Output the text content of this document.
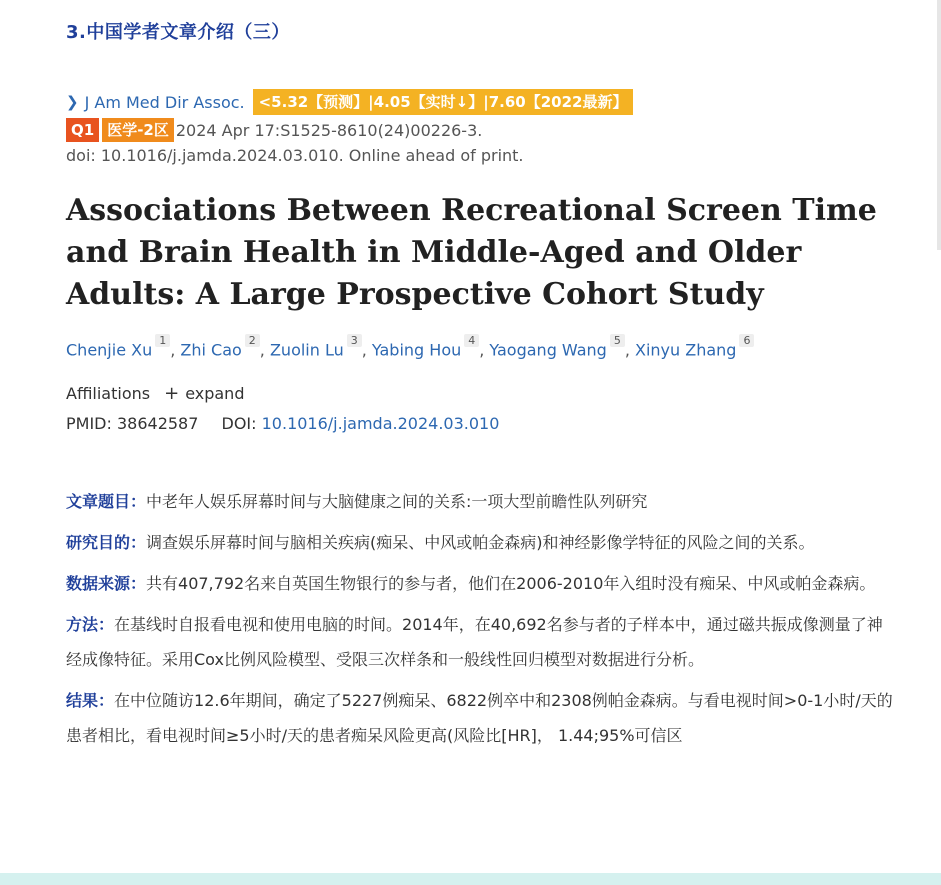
3.中国学者文章介绍（三）
❯ J Am Med Dir Assoc. <5.32【预测】|4.05【实时↓】|7.60【2022最新】
Q1 医学-2区 2024 Apr 17:S1525-8610(24)00226-3.
doi: 10.1016/j.jamda.2024.03.010. Online ahead of print.
Associations Between Recreational Screen Time and Brain Health in Middle-Aged and Older Adults: A Large Prospective Cohort Study
Chenjie Xu $^1$ , Zhi Cao $^2$ , Zuolin Lu $^3$ , Yabing Hou $^4$ , Yaogang Wang $^5$ , Xinyu Zhang $^6$
Affiliations + expand
PMID: 38642587 DOI: 10.1016/j.jamda.2024.03.010

文章题目：中老年人娱乐屏幕时间与大脑健康之间的关系:一项大型前瞻性队列研究

研究目的：调查娱乐屏幕时间与脑相关疾病(痴呆、中风或帕金森病)和神经影像学特征的风险之间的关系。

数据来源：共有407,792名来自英国生物银行的参与者，他们在2006-2010年入组时没有痴呆、中风或帕金森病。

方法：在基线时自报看电视和使用电脑的时间。2014年，在40,692名参与者的子样本中，通过磁共振成像测量了神经成像特征。采用Cox比例风险模型、受限三次样条和一般线性回归模型对数据进行分析。

结果：在中位随访12.6年期间，确定了5227例痴呆、6822例卒中和2308例帕金森病。与看电视时间>0-1小时/天的患者相比，看电视时间≥5小时/天的患者痴呆风险更高(风险比[HR]， 1.44;95%可信区
